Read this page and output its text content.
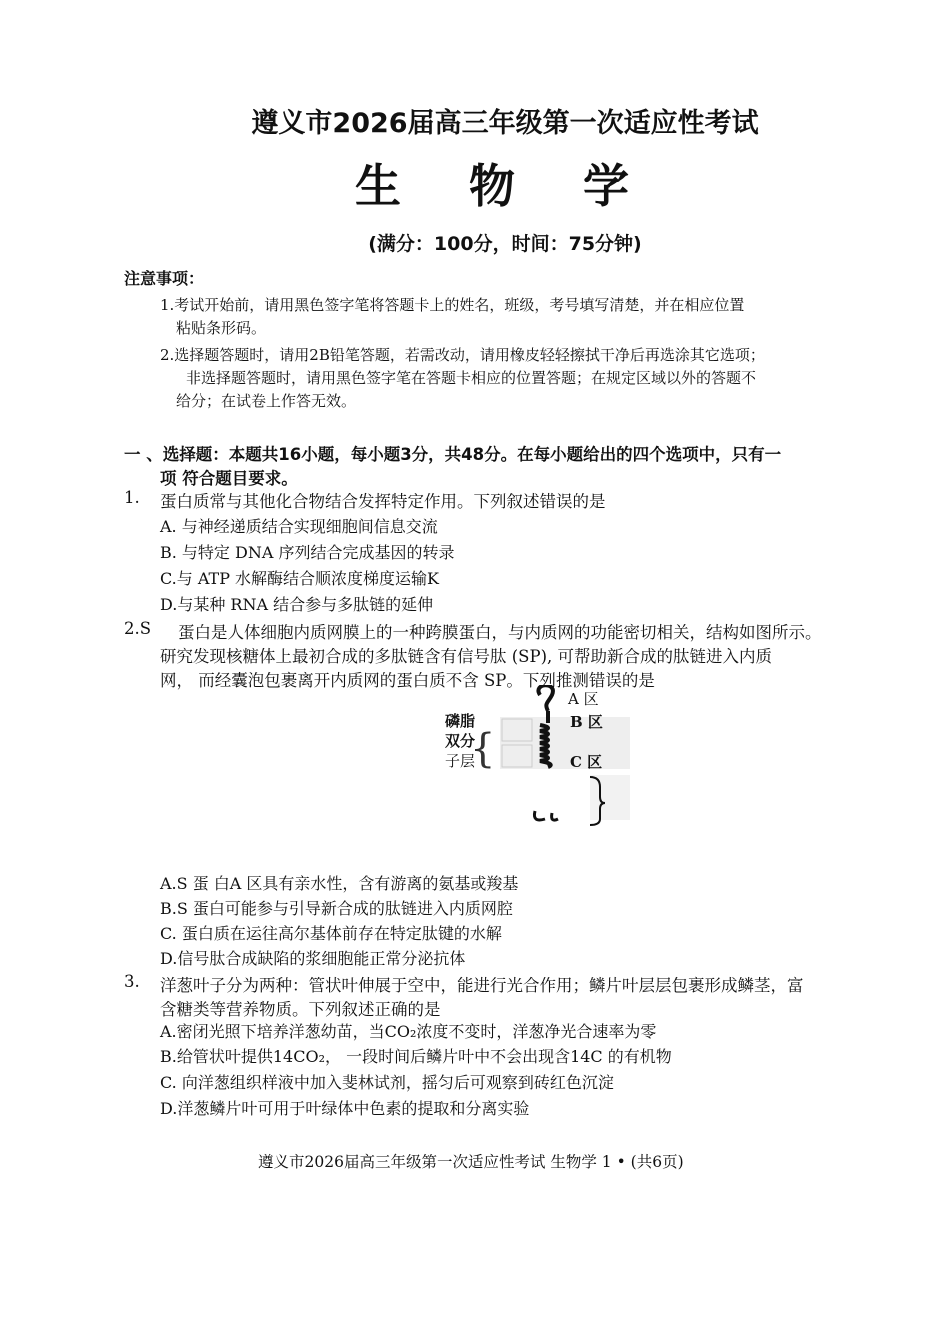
遵义市2026届高三年级第一次适应性考试
生 物 学
(满分：100分，时间：75分钟)
注意事项：
1.考试开始前，请用黑色签字笔将答题卡上的姓名，班级，考号填写清楚，并在相应位置
粘贴条形码。
2.选择题答题时，请用2B铅笔答题，若需改动，请用橡皮轻轻擦拭干净后再选涂其它选项；
非选择题答题时，请用黑色签字笔在答题卡相应的位置答题；在规定区域以外的答题不
给分；在试卷上作答无效。
一 、选择题：本题共16小题，每小题3分，共48分。在每小题给出的四个选项中，只有一
项 符合题目要求。
1. 蛋白质常与其他化合物结合发挥特定作用。下列叙述错误的是
A. 与神经递质结合实现细胞间信息交流
B. 与特定 DNA 序列结合完成基因的转录
C.与 ATP 水解酶结合顺浓度梯度运输K
D.与某种 RNA 结合参与多肽链的延伸
2.S 蛋白是人体细胞内质网膜上的一种跨膜蛋白，与内质网的功能密切相关，结构如图所示。
研究发现核糖体上最初合成的多肽链含有信号肽 (SP), 可帮助新合成的肽链进入内质
网， 而经囊泡包裹离开内质网的蛋白质不含 SP。下列推测错误的是
{
磷脂
双分
子层
A 区
B 区
C 区
A.S 蛋 白A 区具有亲水性，含有游离的氨基或羧基
B.S 蛋白可能参与引导新合成的肽链进入内质网腔
C. 蛋白质在运往高尔基体前存在特定肽键的水解
D.信号肽合成缺陷的浆细胞能正常分泌抗体
3. 洋葱叶子分为两种：管状叶伸展于空中，能进行光合作用；鳞片叶层层包裹形成鳞茎，富
含糖类等营养物质。下列叙述正确的是
A.密闭光照下培养洋葱幼苗，当CO₂浓度不变时，洋葱净光合速率为零
B.给管状叶提供14CO₂， 一段时间后鳞片叶中不会出现含14C 的有机物
C. 向洋葱组织样液中加入斐林试剂，摇匀后可观察到砖红色沉淀
D.洋葱鳞片叶可用于叶绿体中色素的提取和分离实验
遵义市2026届高三年级第一次适应性考试 生物学 1 • (共6页)
